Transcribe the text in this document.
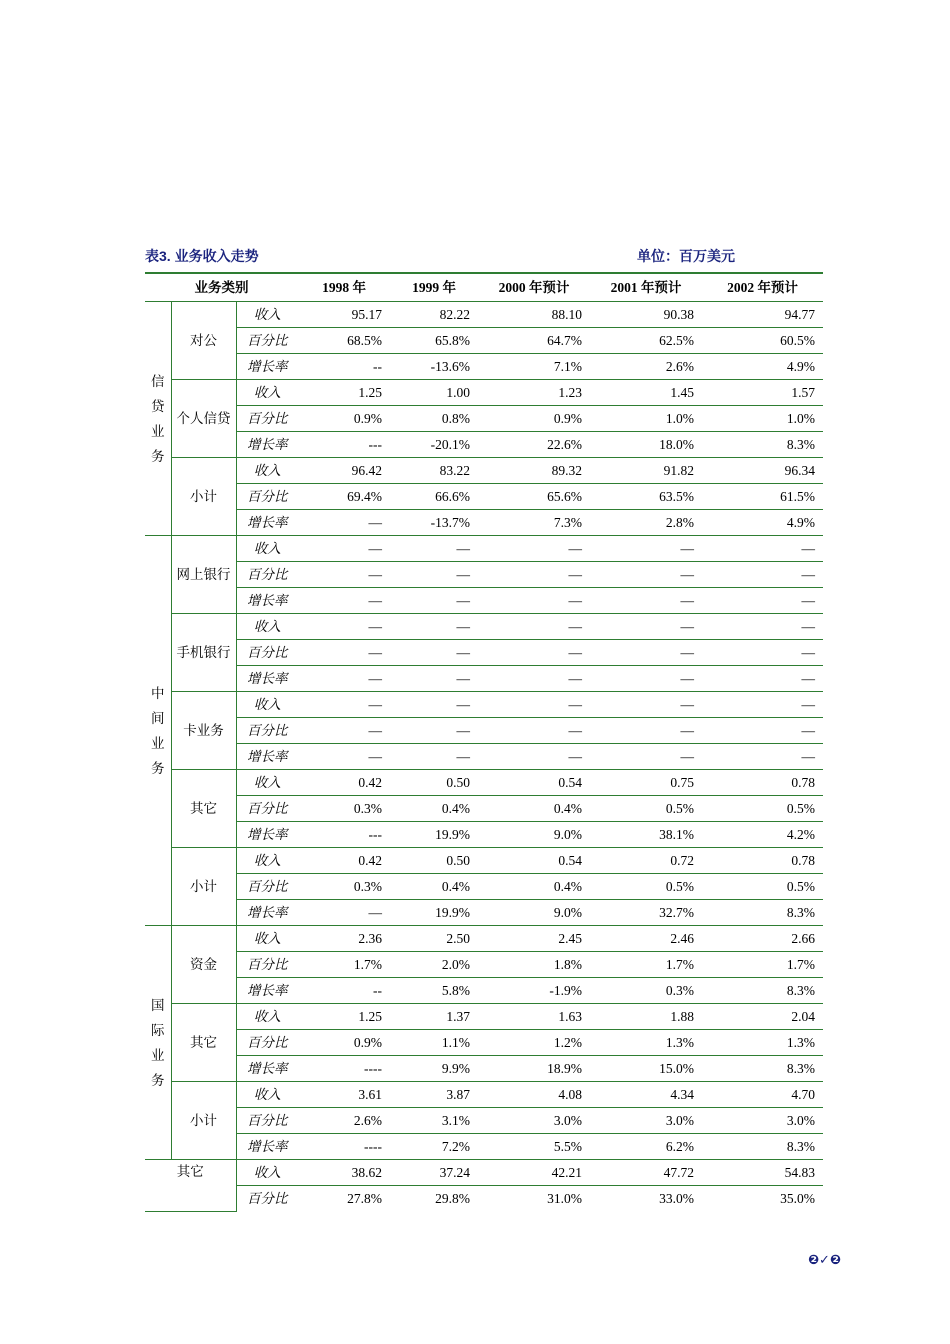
表3. 业务收入走势	单位：百万美元
业务类别			1998 年	1999 年	2000 年预计	2001 年预计	2002 年预计

信贷业务	对公	收入	95.17	82.22	88.10	90.38	94.77
		百分比	68.5%	65.8%	64.7%	62.5%	60.5%
		增长率	--	-13.6%	7.1%	2.6%	4.9%

	个人信贷	收入	1.25	1.00	1.23	1.45	1.57
		百分比	0.9%	0.8%	0.9%	1.0%	1.0%
		增长率	---	-20.1%	22.6%	18.0%	8.3%

	小计	收入	96.42	83.22	89.32	91.82	96.34
		百分比	69.4%	66.6%	65.6%	63.5%	61.5%
		增长率	—	-13.7%	7.3%	2.8%	4.9%

中间业务	网上银行	收入	—	—	—	—	—
		百分比	—	—	—	—	—
		增长率	—	—	—	—	—

	手机银行	收入	—	—	—	—	—
		百分比	—	—	—	—	—
		增长率	—	—	—	—	—

	卡业务	收入	—	—	—	—	—
		百分比	—	—	—	—	—
		增长率	—	—	—	—	—

	其它	收入	0.42	0.50	0.54	0.75	0.78
		百分比	0.3%	0.4%	0.4%	0.5%	0.5%
		增长率	---	19.9%	9.0%	38.1%	4.2%

	小计	收入	0.42	0.50	0.54	0.72	0.78
		百分比	0.3%	0.4%	0.4%	0.5%	0.5%
		增长率	—	19.9%	9.0%	32.7%	8.3%

国际业务	资金	收入	2.36	2.50	2.45	2.46	2.66
		百分比	1.7%	2.0%	1.8%	1.7%	1.7%
		增长率	--	5.8%	-1.9%	0.3%	8.3%

	其它	收入	1.25	1.37	1.63	1.88	2.04
		百分比	0.9%	1.1%	1.2%	1.3%	1.3%
		增长率	----	9.9%	18.9%	15.0%	8.3%

	小计	收入	3.61	3.87	4.08	4.34	4.70
		百分比	2.6%	3.1%	3.0%	3.0%	3.0%
		增长率	----	7.2%	5.5%	6.2%	8.3%
其它		收入	38.62	37.24	42.21	47.72	54.83
		百分比	27.8%	29.8%	31.0%	33.0%	35.0%
❷✓❷
